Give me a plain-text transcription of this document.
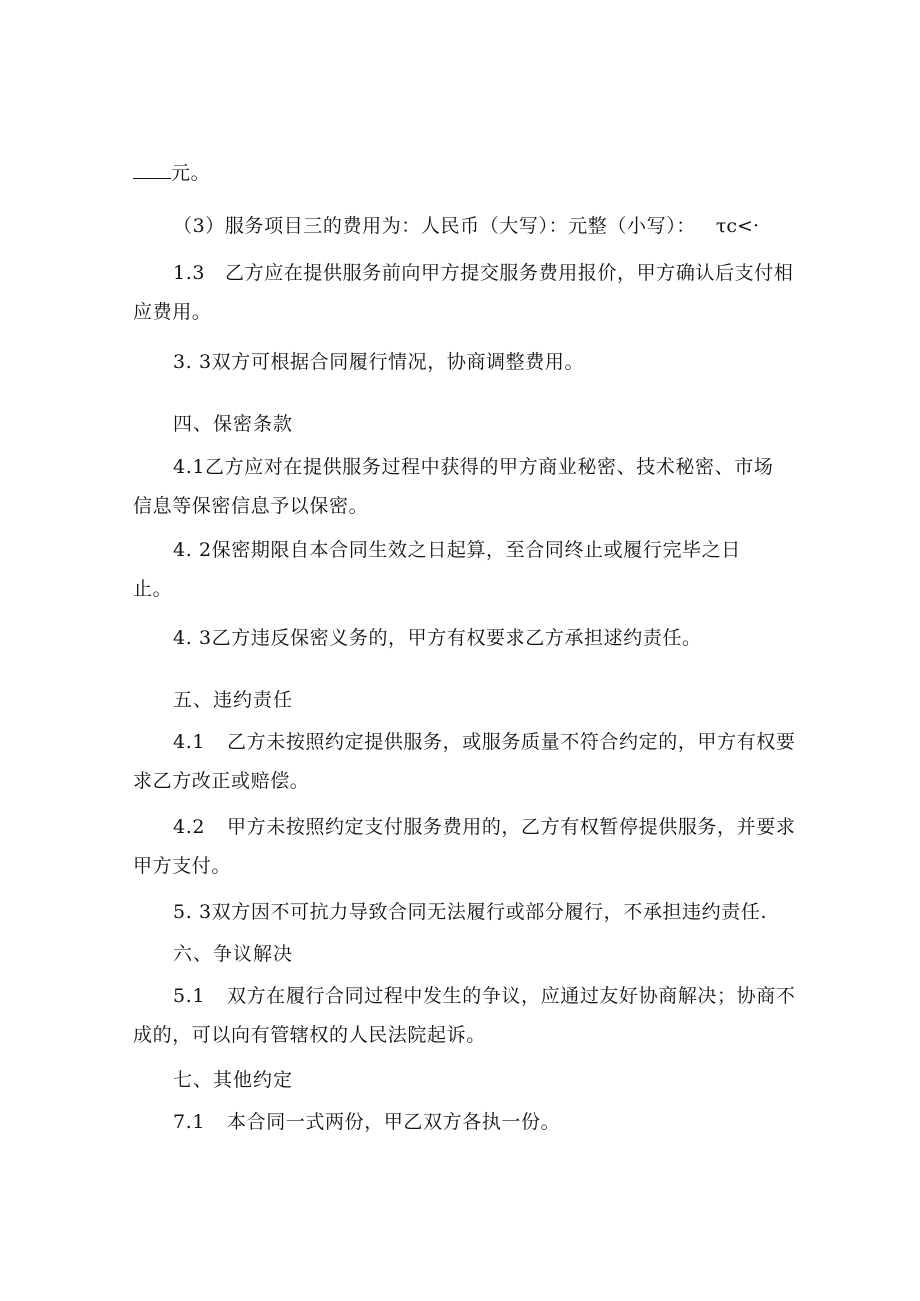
元。
（3）服务项目三的费用为：人民币（大写）：元整（小写）： τc<·
1.3 乙方应在提供服务前向甲方提交服务费用报价，甲方确认后支付相
应费用。
3. 3双方可根据合同履行情况，协商调整费用。
四、保密条款
4.1乙方应对在提供服务过程中获得的甲方商业秘密、技术秘密、市场
信息等保密信息予以保密。
4. 2保密期限自本合同生效之日起算，至合同终止或履行完毕之日
止。
4. 3乙方违反保密义务的，甲方有权要求乙方承担逑约责任。
五、违约责任
4.1 乙方未按照约定提供服务，或服务质量不符合约定的，甲方有权要
求乙方改正或赔偿。
4.2 甲方未按照约定支付服务费用的，乙方有权暂停提供服务，并要求
甲方支付。
5. 3双方因不可抗力导致合同无法履行或部分履行，不承担违约责任.
六、争议解决
5.1 双方在履行合同过程中发生的争议，应通过友好协商解决；协商不
成的，可以向有管辖权的人民法院起诉。
七、其他约定
7.1 本合同一式两份，甲乙双方各执一份。
